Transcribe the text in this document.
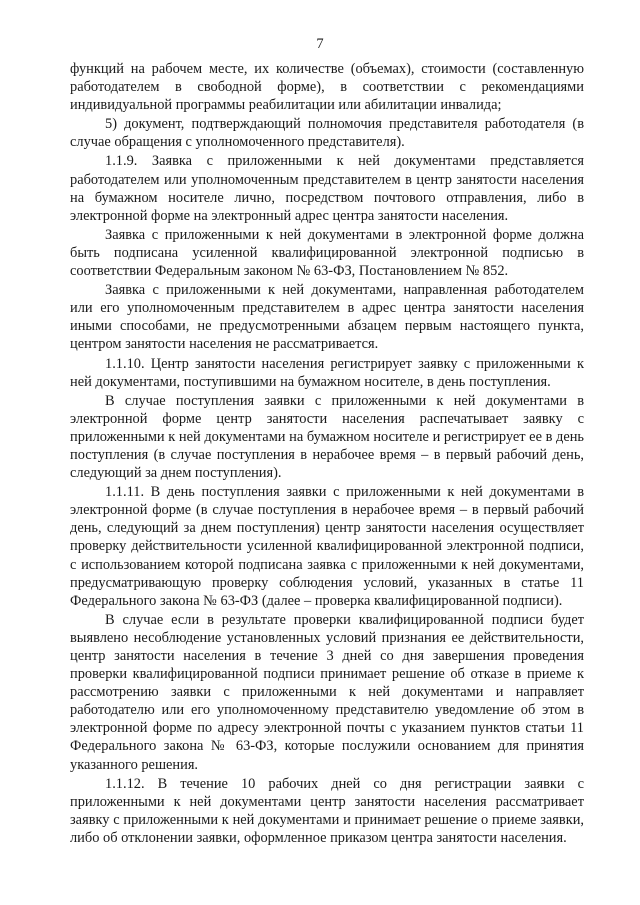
7

функций на рабочем месте, их количестве (объемах), стоимости (составленную работодателем в свободной форме), в соответствии с рекомендациями индивидуальной программы реабилитации или абилитации инвалида;

5) документ, подтверждающий полномочия представителя работодателя (в случае обращения с уполномоченного представителя).

1.1.9. Заявка с приложенными к ней документами представляется работодателем или уполномоченным представителем в центр занятости населения на бумажном носителе лично, посредством почтового отправления, либо в электронной форме на электронный адрес центра занятости населения.

Заявка с приложенными к ней документами в электронной форме должна быть подписана усиленной квалифицированной электронной подписью в соответствии Федеральным законом № 63-ФЗ, Постановлением № 852.

Заявка с приложенными к ней документами, направленная работодателем или его уполномоченным представителем в адрес центра занятости населения иными способами, не предусмотренными абзацем первым настоящего пункта, центром занятости населения не рассматривается.

1.1.10. Центр занятости населения регистрирует заявку с приложенными к ней документами, поступившими на бумажном носителе, в день поступления.

В случае поступления заявки с приложенными к ней документами в электронной форме центр занятости населения распечатывает заявку с приложенными к ней документами на бумажном носителе и регистрирует ее в день поступления (в случае поступления в нерабочее время – в первый рабочий день, следующий за днем поступления).

1.1.11. В день поступления заявки с приложенными к ней документами в электронной форме (в случае поступления в нерабочее время – в первый рабочий день, следующий за днем поступления) центр занятости населения осуществляет проверку действительности усиленной квалифицированной электронной подписи, с использованием которой подписана заявка с приложенными к ней документами, предусматривающую проверку соблюдения условий, указанных в статье 11 Федерального закона № 63-ФЗ (далее – проверка квалифицированной подписи).

В случае если в результате проверки квалифицированной подписи будет выявлено несоблюдение установленных условий признания ее действительности, центр занятости населения в течение 3 дней со дня завершения проведения проверки квалифицированной подписи принимает решение об отказе в приеме к рассмотрению заявки с приложенными к ней документами и направляет работодателю или его уполномоченному представителю уведомление об этом в электронной форме по адресу электронной почты с указанием пунктов статьи 11 Федерального закона № 63-ФЗ, которые послужили основанием для принятия указанного решения.

1.1.12. В течение 10 рабочих дней со дня регистрации заявки с приложенными к ней документами центр занятости населения рассматривает заявку с приложенными к ней документами и принимает решение о приеме заявки, либо об отклонении заявки, оформленное приказом центра занятости населения.
